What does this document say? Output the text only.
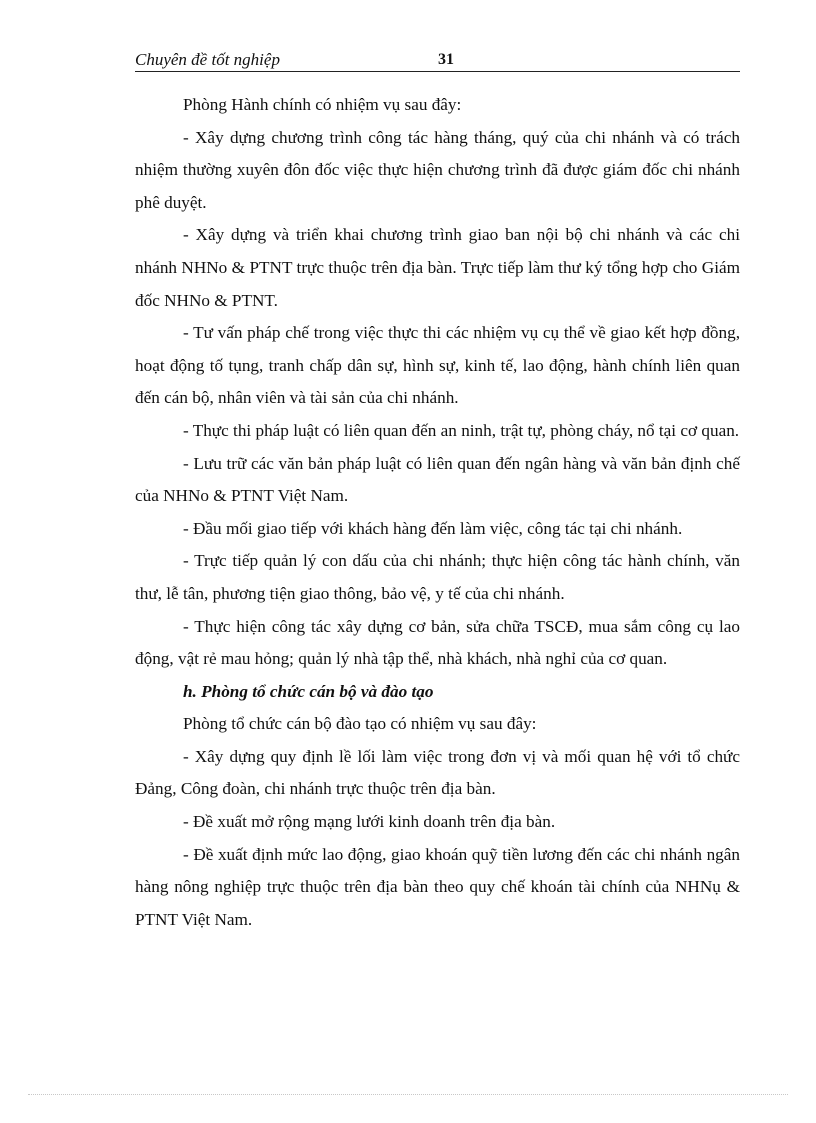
Chuyên đề tốt nghiệp	31

Phòng Hành chính có nhiệm vụ sau đây:

- Xây dựng chương trình công tác hàng tháng, quý của chi nhánh và có trách nhiệm thường xuyên đôn đốc việc thực hiện chương trình đã được giám đốc chi nhánh phê duyệt.

- Xây dựng và triển khai chương trình giao ban nội bộ chi nhánh và các chi nhánh NHNo & PTNT trực thuộc trên địa bàn. Trực tiếp làm thư ký tổng hợp cho Giám đốc NHNo & PTNT.

- Tư vấn pháp chế trong việc thực thi các nhiệm vụ cụ thể về giao kết hợp đồng, hoạt động tố tụng, tranh chấp dân sự, hình sự, kinh tế, lao động, hành chính liên quan đến cán bộ, nhân viên và tài sản của chi nhánh.

- Thực thi pháp luật có liên quan đến an ninh, trật tự, phòng cháy, nổ tại cơ quan.

- Lưu trữ các văn bản pháp luật có liên quan đến ngân hàng và văn bản định chế của NHNo & PTNT Việt Nam.

- Đầu mối giao tiếp với khách hàng đến làm việc, công tác tại chi nhánh.

- Trực tiếp quản lý con dấu của chi nhánh; thực hiện công tác hành chính, văn thư, lễ tân, phương tiện giao thông, bảo vệ, y tế của chi nhánh.

- Thực hiện công tác xây dựng cơ bản, sửa chữa TSCĐ, mua sắm công cụ lao động, vật rẻ mau hỏng; quản lý nhà tập thể, nhà khách, nhà nghỉ của cơ quan.

h. Phòng tổ chức cán bộ và đào tạo

Phòng tổ chức cán bộ đào tạo có nhiệm vụ sau đây:

- Xây dựng quy định lề lối làm việc trong đơn vị và mối quan hệ với tổ chức Đảng, Công đoàn, chi nhánh trực thuộc trên địa bàn.

- Đề xuất mở rộng mạng lưới kinh doanh trên địa bàn.

- Đề xuất định mức lao động, giao khoán quỹ tiền lương đến các chi nhánh ngân hàng nông nghiệp trực thuộc trên địa bàn theo quy chế khoán tài chính của NHNụ & PTNT Việt Nam.
